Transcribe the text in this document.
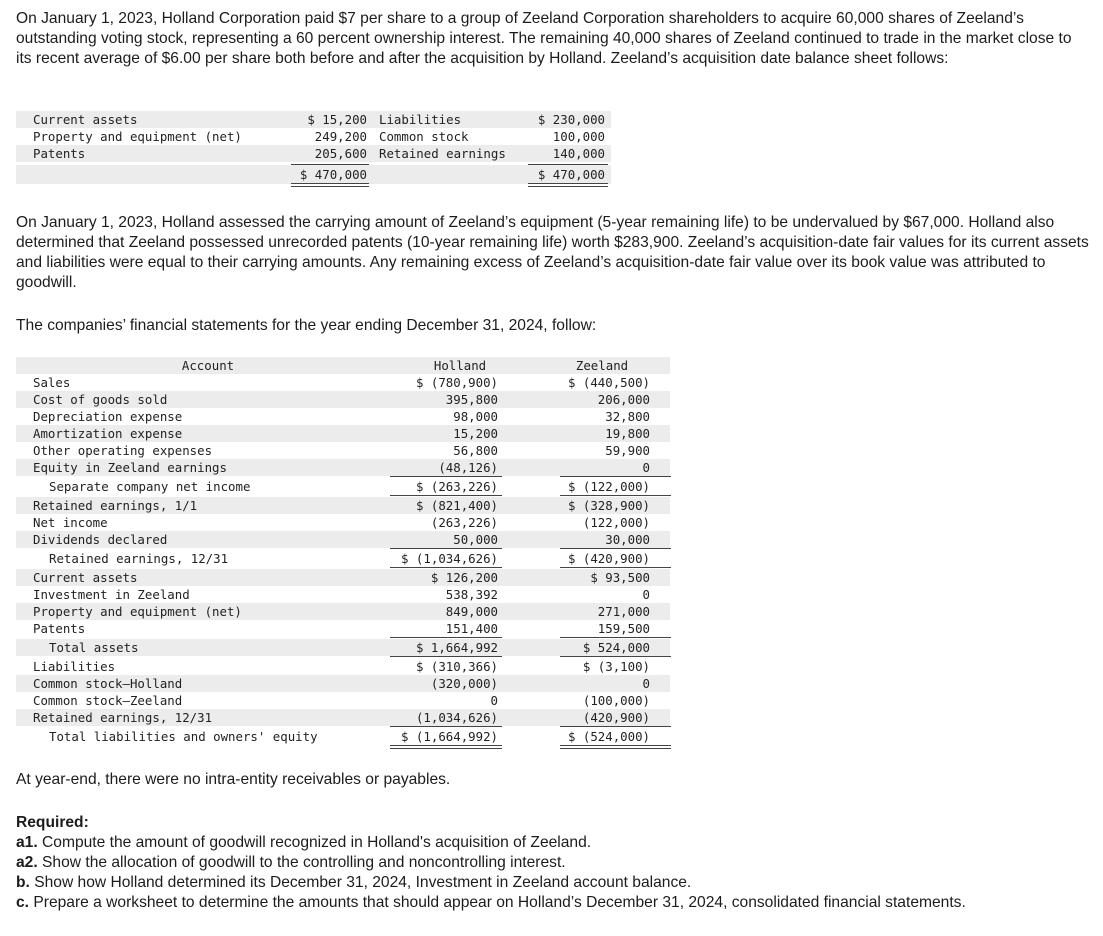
On January 1, 2023, Holland Corporation paid $7 per share to a group of Zeeland Corporation shareholders to acquire 60,000 shares of Zeeland’s outstanding voting stock, representing a 60 percent ownership interest. The remaining 40,000 shares of Zeeland continued to trade in the market close to its recent average of $6.00 per share both before and after the acquisition by Holland. Zeeland’s acquisition date balance sheet follows:

Current assets	$ 15,200 Liabilities	$ 230,000
Property and equipment (net)	249,200 Common stock	100,000
Patents	205,600 Retained earnings	140,000
$ 470,000	$ 470,000

On January 1, 2023, Holland assessed the carrying amount of Zeeland’s equipment (5-year remaining life) to be undervalued by $67,000. Holland also determined that Zeeland possessed unrecorded patents (10-year remaining life) worth $283,900. Zeeland’s acquisition-date fair values for its current assets and liabilities were equal to their carrying amounts. Any remaining excess of Zeeland’s acquisition-date fair value over its book value was attributed to goodwill.

The companies’ financial statements for the year ending December 31, 2024, follow:

Account	Holland	Zeeland
Sales	$ (780,900)	$ (440,500)
Cost of goods sold	395,800	206,000
Depreciation expense	98,000	32,800
Amortization expense	15,200	19,800
Other operating expenses	56,800	59,900
Equity in Zeeland earnings	(48,126)	0
Separate company net income	$ (263,226)	$ (122,000)
Retained earnings, 1/1	$ (821,400)	$ (328,900)
Net income	(263,226)	(122,000)
Dividends declared	50,000	30,000
Retained earnings, 12/31	$ (1,034,626)	$ (420,900)
Current assets	$ 126,200	$ 93,500
Investment in Zeeland	538,392	0
Property and equipment (net)	849,000	271,000
Patents	151,400	159,500
Total assets	$ 1,664,992	$ 524,000
Liabilities	$ (310,366)	$ (3,100)
Common stock—Holland	(320,000)	0
Common stock—Zeeland	0	(100,000)
Retained earnings, 12/31	(1,034,626)	(420,900)
Total liabilities and owners' equity	$ (1,664,992)	$ (524,000)

At year-end, there were no intra-entity receivables or payables.

Required:

a1. Compute the amount of goodwill recognized in Holland's acquisition of Zeeland.

a2. Show the allocation of goodwill to the controlling and noncontrolling interest.

b. Show how Holland determined its December 31, 2024, Investment in Zeeland account balance.

c. Prepare a worksheet to determine the amounts that should appear on Holland’s December 31, 2024, consolidated financial statements.
